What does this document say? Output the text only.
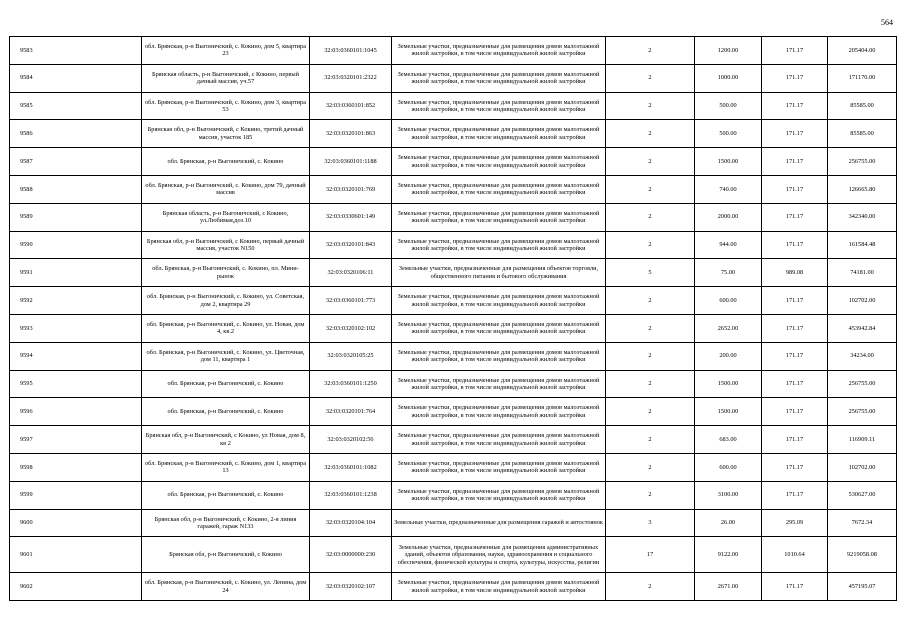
564
9583	обл. Брянская, р-н Выгоничский, с. Кокино, дом 5, квартира 23	32:03:0360101:1045	Земельные участки, предназначенные для размещения домов малоэтажной жилой застройки, в том числе индивидуальной жилой застройки	2	1200.00	171.17	205404.00
9584	Брянская область, р-н Выгоничский, с Кокино, первый дачный массив, уч.57	32:03:0320101:2322	Земельные участки, предназначенные для размещения домов малоэтажной жилой застройки, в том числе индивидуальной жилой застройки	2	1000.00	171.17	171170.00
9585	обл. Брянская, р-н Выгоничский, с. Кокино, дом 3, квартира 53	32:03:0360101:852	Земельные участки, предназначенные для размещения домов малоэтажной жилой застройки, в том числе индивидуальной жилой застройки	2	500.00	171.17	85585.00
9586	Брянская обл, р-н Выгоничский, с Кокино, третий дачный массив, участок 185	32:03:0320101:863	Земельные участки, предназначенные для размещения домов малоэтажной жилой застройки, в том числе индивидуальной жилой застройки	2	500.00	171.17	85585.00
9587	обл. Брянская, р-н Выгоничский, с. Кокино	32:03:0360101:1188	Земельные участки, предназначенные для размещения домов малоэтажной жилой застройки, в том числе индивидуальной жилой застройки	2	1500.00	171.17	256755.00
9588	обл. Брянская, р-н Выгоничский, с. Кокино, дом 79, дачный массив	32:03:0320101:769	Земельные участки, предназначенные для размещения домов малоэтажной жилой застройки, в том числе индивидуальной жилой застройки	2	740.00	171.17	126665.80
9589	Брянская область, р-н Выгоничский, с Кокино, ул.Любимая,доз.10	32:03:0330601:149	Земельные участки, предназначенные для размещения домов малоэтажной жилой застройки, в том числе индивидуальной жилой застройки	2	2000.00	171.17	342340.00
9590	Брянская обл, р-н Выгоничский, с Кокино, первый дачный массив, участок N150	32:03:0320101:843	Земельные участки, предназначенные для размещения домов малоэтажной жилой застройки, в том числе индивидуальной жилой застройки	2	944.00	171.17	161584.48
9591	обл. Брянская, р-н Выгоничский, с. Кокино, пл. Мини-рынок	32:03:0320106:11	Земельные участки, предназначенные для размещения объектов торговли, общественного питания и бытового обслуживания	5	75.00	989.08	74181.00
9592	обл. Брянская, р-н Выгоничский, с. Кокино, ул. Советская, дом 2, квартира 29	32:03:0360101:773	Земельные участки, предназначенные для размещения домов малоэтажной жилой застройки, в том числе индивидуальной жилой застройки	2	600.00	171.17	102702.00
9593	обл. Брянская, р-н Выгоничский, с. Кокино, ул. Новая, дом 4, кв.2	32:03:0320102:102	Земельные участки, предназначенные для размещения домов малоэтажной жилой застройки, в том числе индивидуальной жилой застройки	2	2652.00	171.17	453942.84
9594	обл. Брянская, р-н Выгоничский, с. Кокино, ул. Цветочная, дом 11, квартира 1	32:03:0320105:25	Земельные участки, предназначенные для размещения домов малоэтажной жилой застройки, в том числе индивидуальной жилой застройки	2	200.00	171.17	34234.00
9595	обл. Брянская, р-н Выгоничский, с. Кокино	32:03:0360101:1250	Земельные участки, предназначенные для размещения домов малоэтажной жилой застройки, в том числе индивидуальной жилой застройки	2	1500.00	171.17	256755.00
9596	обл. Брянская, р-н Выгоничский, с. Кокино	32:03:0320101:764	Земельные участки, предназначенные для размещения домов малоэтажной жилой застройки, в том числе индивидуальной жилой застройки	2	1500.00	171.17	256755.00
9597	Брянская обл, р-н Выгоничский, с Кокино, ул Новая, дом 8, кв 2	32:03:0320102:56	Земельные участки, предназначенные для размещения домов малоэтажной жилой застройки, в том числе индивидуальной жилой застройки	2	683.00	171.17	116909.11
9598	обл. Брянская, р-н Выгоничский, с. Кокино, дом 1, квартира 13	32:03:0360101:1082	Земельные участки, предназначенные для размещения домов малоэтажной жилой застройки, в том числе индивидуальной жилой застройки	2	600.00	171.17	102702.00
9599	обл. Брянская, р-н Выгоничский, с. Кокино	32:03:0360101:1238	Земельные участки, предназначенные для размещения домов малоэтажной жилой застройки, в том числе индивидуальной жилой застройки	2	3100.00	171.17	530627.00
9600	Брянская обл, р-н Выгоничский, с Кокино, 2-я линия гаражей, гараж N133	32:03:0320104:104	Земельные участки, предназначенные для размещения гаражей и автостоянок	3	26.00	295.09	7672.34
9601	Брянская обл, р-н Выгоничский, с Кокино	32:03:0000000:230	Земельные участки, предназначенные для размещения административных зданий, объектов образования, науки, здравоохранения и социального обеспечения, физической культуры и спорта, культуры, искусства, религии	17	9122.00	1010.64	9219058.08
9602	обл. Брянская, р-н Выгоничский, с. Кокино, ул. Ленина, дом 24	32:03:0320102:107	Земельные участки, предназначенные для размещения домов малоэтажной жилой застройки, в том числе индивидуальной жилой застройки	2	2671.00	171.17	457195.07
